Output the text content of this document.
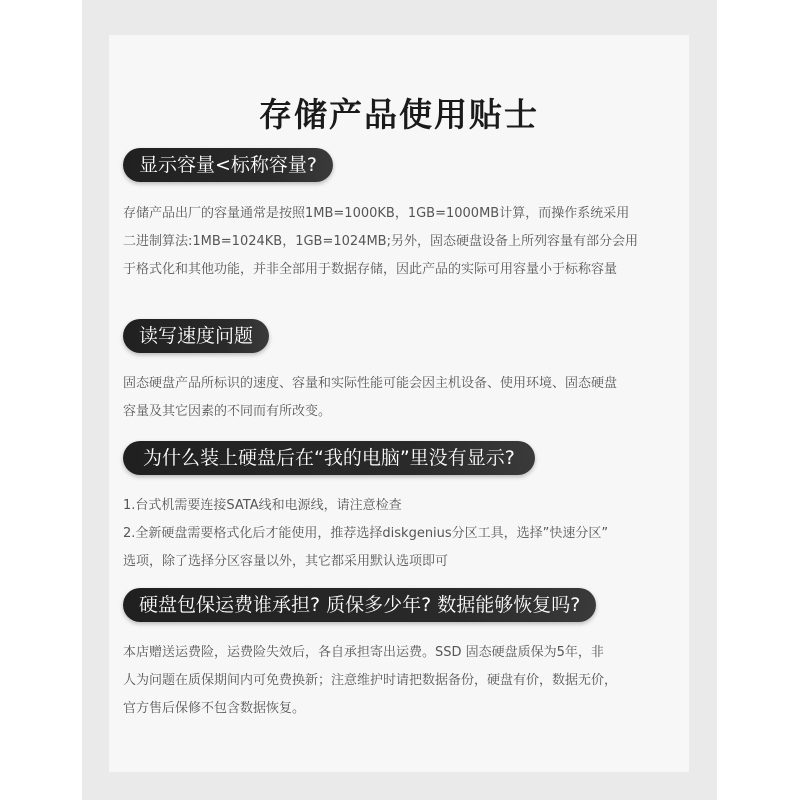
存储产品使用贴士
显示容量<标称容量?
存储产品出厂的容量通常是按照1MB=1000KB，1GB=1000MB计算，而操作系统采用
二进制算法:1MB=1024KB，1GB=1024MB;另外，固态硬盘设备上所列容量有部分会用
于格式化和其他功能，并非全部用于数据存储，因此产品的实际可用容量小于标称容量
读写速度问题
固态硬盘产品所标识的速度、容量和实际性能可能会因主机设备、使用环境、固态硬盘
容量及其它因素的不同而有所改变。
为什么装上硬盘后在“我的电脑”里没有显示?
1.台式机需要连接SATA线和电源线，请注意检查
2.全新硬盘需要格式化后才能使用，推荐选择diskgenius分区工具，选择”快速分区”
选项，除了选择分区容量以外，其它都采用默认选项即可
硬盘包保运费谁承担? 质保多少年? 数据能够恢复吗?
本店赠送运费险，运费险失效后，各自承担寄出运费。SSD 固态硬盘质保为5年，非
人为问题在质保期间内可免费换新；注意维护时请把数据备份，硬盘有价，数据无价，
官方售后保修不包含数据恢复。
